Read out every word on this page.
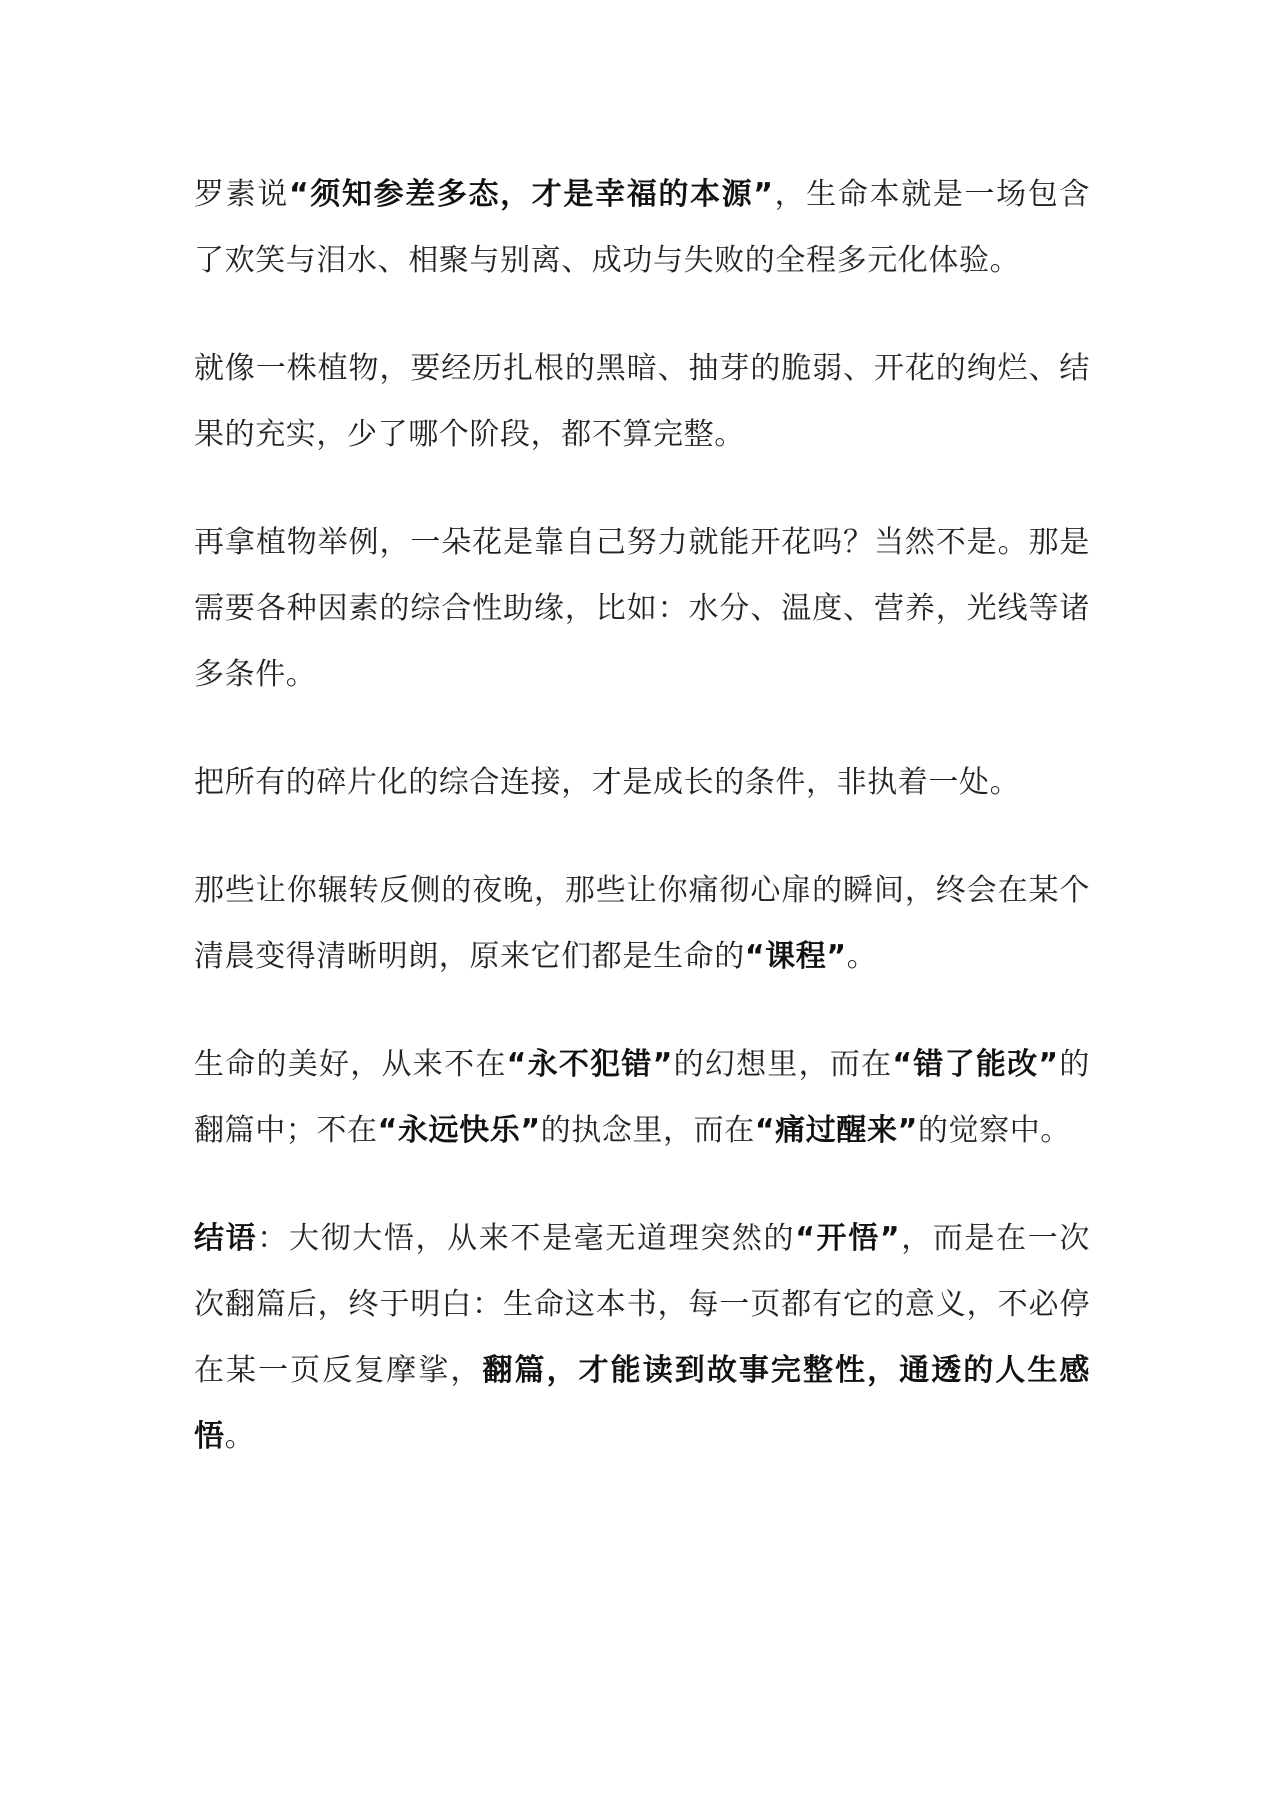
罗素说“须知参差多态，才是幸福的本源”，生命本就是一场包含了欢笑与泪水、相聚与别离、成功与失败的全程多元化体验。

就像一株植物，要经历扎根的黑暗、抽芽的脆弱、开花的绚烂、结果的充实，少了哪个阶段，都不算完整。

再拿植物举例，一朵花是靠自己努力就能开花吗？当然不是。那是需要各种因素的综合性助缘，比如：水分、温度、营养，光线等诸多条件。

把所有的碎片化的综合连接，才是成长的条件，非执着一处。

那些让你辗转反侧的夜晚，那些让你痛彻心扉的瞬间，终会在某个清晨变得清晰明朗，原来它们都是生命的“课程”。

生命的美好，从来不在“永不犯错”的幻想里，而在“错了能改”的翻篇中；不在“永远快乐”的执念里，而在“痛过醒来”的觉察中。

结语：大彻大悟，从来不是毫无道理突然的“开悟”，而是在一次次翻篇后，终于明白：生命这本书，每一页都有它的意义，不必停在某一页反复摩挲，翻篇，才能读到故事完整性，通透的人生感悟。
